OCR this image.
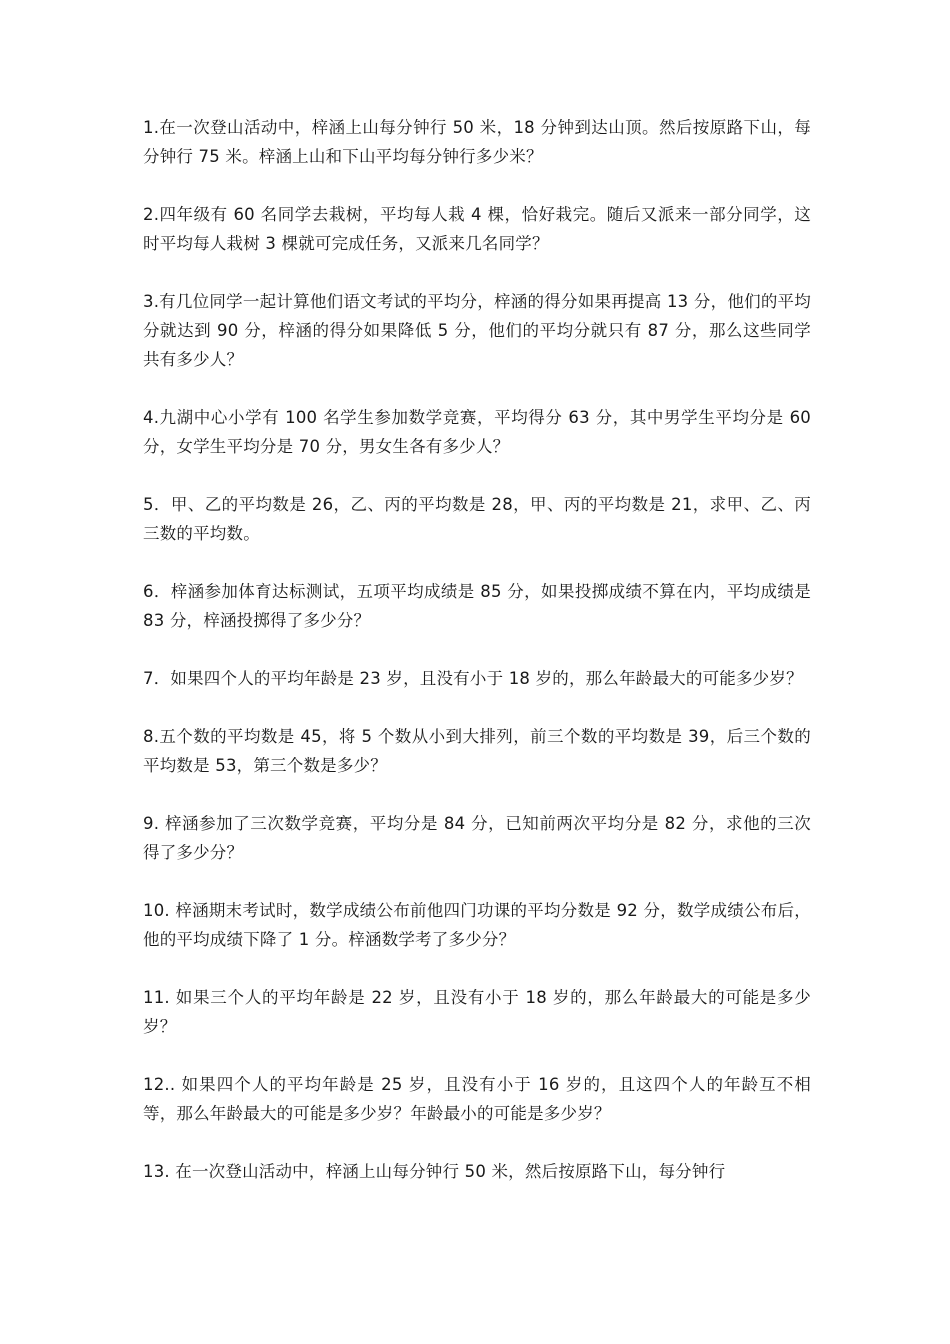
1.在一次登山活动中，梓涵上山每分钟行 50 米，18 分钟到达山顶。然后按原路下山，每分钟行 75 米。梓涵上山和下山平均每分钟行多少米？
2.四年级有 60 名同学去栽树，平均每人栽 4 棵，恰好栽完。随后又派来一部分同学，这时平均每人栽树 3 棵就可完成任务，又派来几名同学？
3.有几位同学一起计算他们语文考试的平均分，梓涵的得分如果再提高 13 分，他们的平均分就达到 90 分，梓涵的得分如果降低 5 分，他们的平均分就只有 87 分，那么这些同学共有多少人？
4.九湖中心小学有 100 名学生参加数学竞赛，平均得分 63 分，其中男学生平均分是 60 分，女学生平均分是 70 分，男女生各有多少人？
5．甲、乙的平均数是 26，乙、丙的平均数是 28，甲、丙的平均数是 21，求甲、乙、丙三数的平均数。
6．梓涵参加体育达标测试，五项平均成绩是 85 分，如果投掷成绩不算在内，平均成绩是 83 分，梓涵投掷得了多少分？
7．如果四个人的平均年龄是 23 岁，且没有小于 18 岁的，那么年龄最大的可能多少岁？
8.五个数的平均数是 45，将 5 个数从小到大排列，前三个数的平均数是 39，后三个数的平均数是 53，第三个数是多少？
9. 梓涵参加了三次数学竞赛，平均分是 84 分，已知前两次平均分是 82 分，求他的三次得了多少分？
10. 梓涵期末考试时，数学成绩公布前他四门功课的平均分数是 92 分，数学成绩公布后，他的平均成绩下降了 1 分。梓涵数学考了多少分？
11. 如果三个人的平均年龄是 22 岁，且没有小于 18 岁的，那么年龄最大的可能是多少岁？
12.. 如果四个人的平均年龄是 25 岁，且没有小于 16 岁的，且这四个人的年龄互不相等，那么年龄最大的可能是多少岁？年龄最小的可能是多少岁？
13. 在一次登山活动中，梓涵上山每分钟行 50 米，然后按原路下山，每分钟行
